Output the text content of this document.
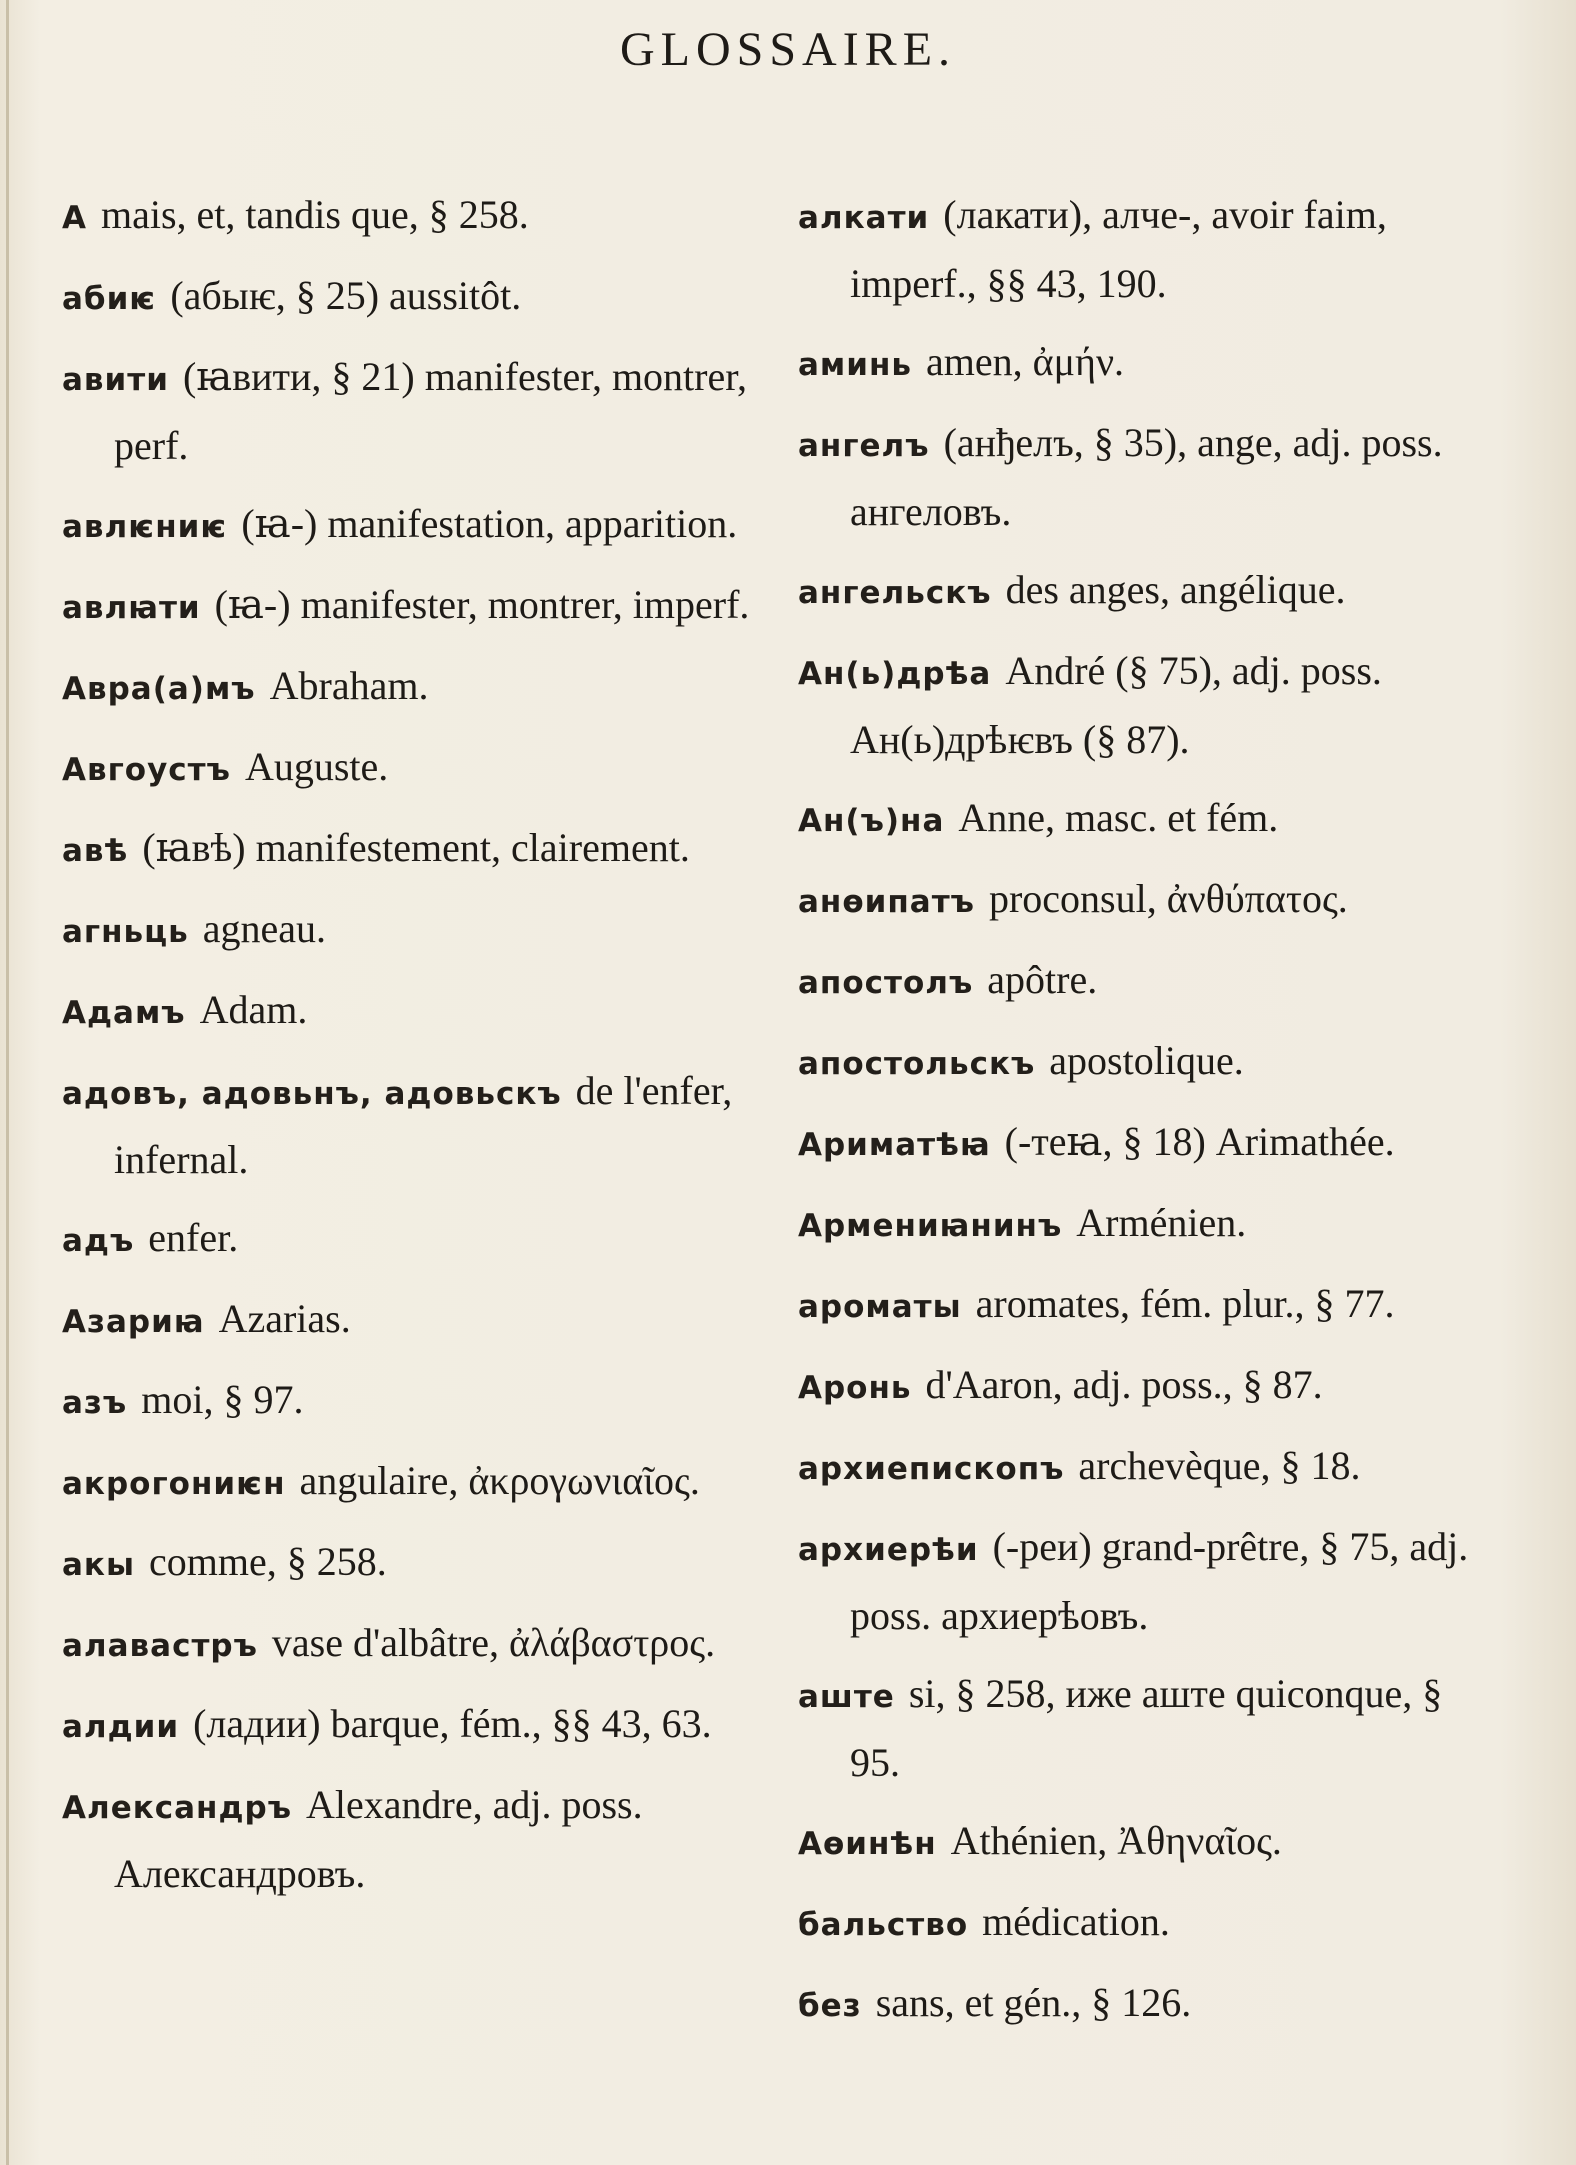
GLOSSAIRE.
А mais, et, tandis que, § 258.
абиѥ (абыѥ, § 25) aussitôt.
авити (ꙗвити, § 21) manifester, montrer, perf.
авлѥниѥ (ꙗ-) manifestation, apparition.
авлꙗти (ꙗ-) manifester, montrer, imperf.
Авра(а)мъ Abraham.
Авгоустъ Auguste.
авѣ (ꙗвѣ) manifestement, clairement.
агньць agneau.
Адамъ Adam.
адовъ, адовьнъ, адовьскъ de l'enfer, infernal.
адъ enfer.
Азариꙗ Azarias.
азъ moi, § 97.
акрогониѥн angulaire, ἀκρογωνιαῖος.
акы comme, § 258.
алавастръ vase d'albâtre, ἀλάβαστρος.
алдии (ладии) barque, fém., §§ 43, 63.
Александръ Alexandre, adj. poss. Александровъ.
алкати (лакати), алче-, avoir faim, imperf., §§ 43, 190.
аминь amen, ἀμήν.
ангелъ (анђелъ, § 35), ange, adj. poss. ангеловъ.
ангельскъ des anges, angélique.
Ан(ь)дрѣа André (§ 75), adj. poss. Ан(ь)дрѣѥвъ (§ 87).
Ан(ъ)на Anne, masc. et fém.
анѳипатъ proconsul, ἀνθύπατος.
апостолъ apôtre.
апостольскъ apostolique.
Ариматѣꙗ (-теꙗ, § 18) Arimathée.
Армениꙗнинъ Arménien.
ароматы aromates, fém. plur., § 77.
Аронь d'Aaron, adj. poss., § 87.
архиепископъ archevèque, § 18.
архиерѣи (-реи) grand-prêtre, § 75, adj. poss. архиерѣовъ.
аште si, § 258, иже аште quiconque, § 95.
Аѳинѣн Athénien, Ἀθηναῖος.
бальство médication.
без sans, et gén., § 126.
